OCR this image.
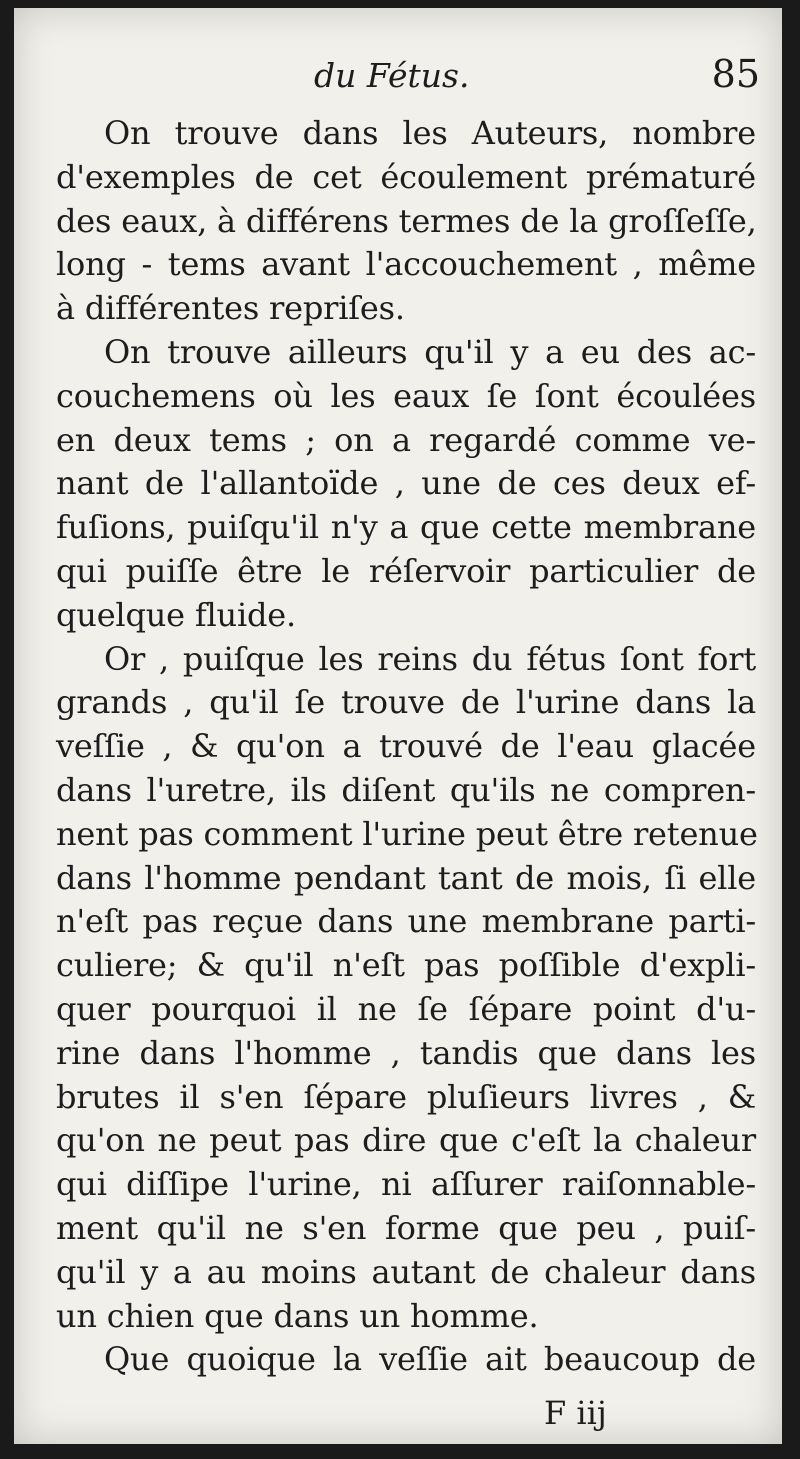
du Fétus.	85

On trouve dans les Auteurs, nombre
d'exemples de cet écoulement prématuré
des eaux, à différens termes de la groſſeſſe,
long - tems avant l'accouchement , même
à différentes repriſes.

On trouve ailleurs qu'il y a eu des ac-
couchemens où les eaux ſe ſont écoulées
en deux tems ; on a regardé comme ve-
nant de l'allantoïde , une de ces deux ef-
fuſions, puiſqu'il n'y a que cette membrane
qui puiſſe être le réſervoir particulier de
quelque fluide.

Or , puiſque les reins du fétus ſont fort
grands , qu'il ſe trouve de l'urine dans la
veſſie , & qu'on a trouvé de l'eau glacée
dans l'uretre, ils diſent qu'ils ne compren-
nent pas comment l'urine peut être retenue
dans l'homme pendant tant de mois, ſi elle
n'eſt pas reçue dans une membrane parti-
culiere; & qu'il n'eſt pas poſſible d'expli-
quer pourquoi il ne ſe ſépare point d'u-
rine dans l'homme , tandis que dans les
brutes il s'en ſépare pluſieurs livres , &
qu'on ne peut pas dire que c'eſt la chaleur
qui diſſipe l'urine, ni aſſurer raiſonnable-
ment qu'il ne s'en forme que peu , puiſ-
qu'il y a au moins autant de chaleur dans
un chien que dans un homme.

Que quoique la veſſie ait beaucoup de

F iij
